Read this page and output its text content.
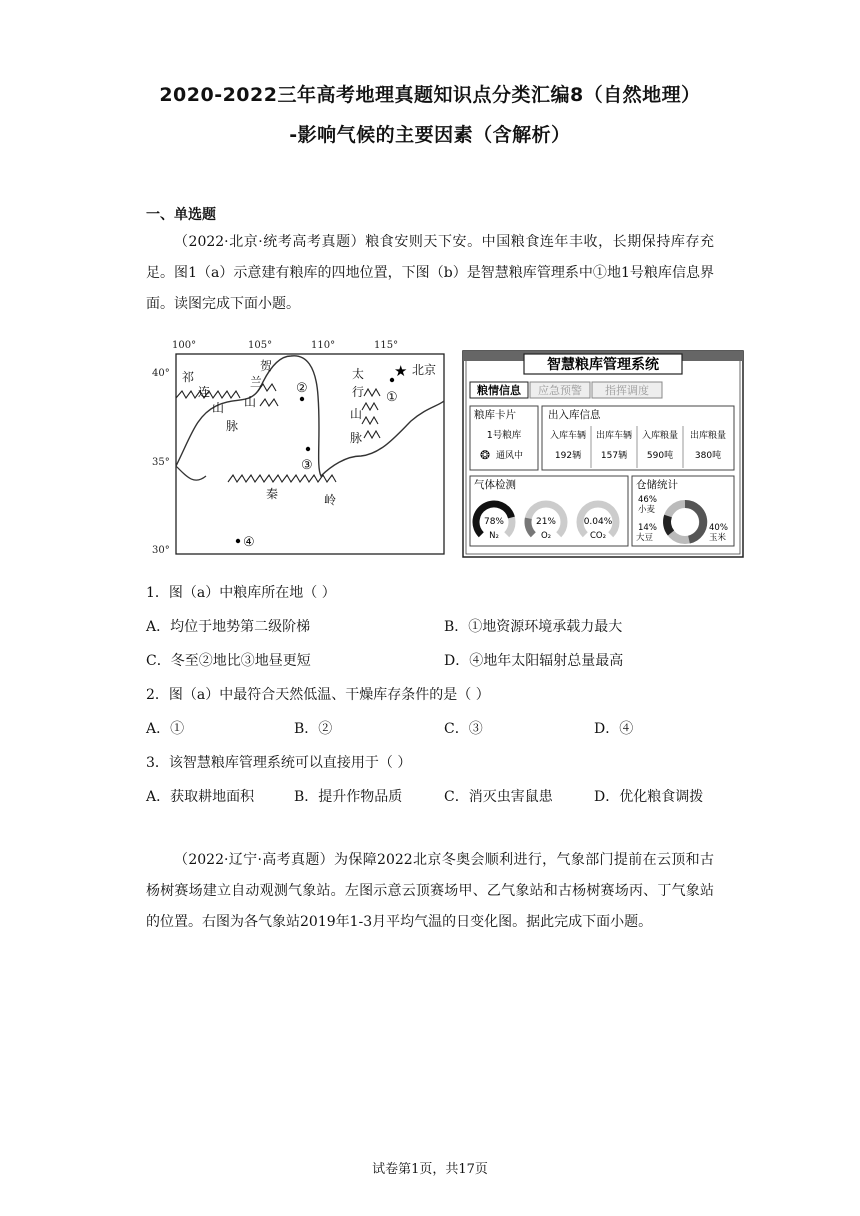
2020-2022三年高考地理真题知识点分类汇编8（自然地理）
-影响气候的主要因素（含解析）
一、单选题
（2022·北京·统考高考真题）粮食安则天下安。中国粮食连年丰收，长期保持库存充足。图1（a）示意建有粮库的四地位置，下图（b）是智慧粮库管理系中①地1号粮库信息界面。读图完成下面小题。
100°	105°	110°	115°
40°
35°
30°
祁
连
山
脉
贺
兰
山
太
行
山
脉
秦	岭
北京
★
①
②
③
④
智慧粮库管理系统
粮情信息 应急预警 指挥调度
粮库卡片
1号粮库
❂ 通风中
出入库信息
入库车辆 出库车辆 入库粮量 出库粮量
192辆 157辆 590吨 380吨
气体检测
78%
N₂
21%
O₂
0.04%
CO₂
仓储统计
46%
小麦
14%
大豆
40%
玉米
1．图（a）中粮库所在地（ ）
A．均位于地势第二级阶梯	B．①地资源环境承载力最大
C．冬至②地比③地昼更短	D．④地年太阳辐射总量最高
2．图（a）中最符合天然低温、干燥库存条件的是（ ）
A．①	B．②	C．③	D．④
3．该智慧粮库管理系统可以直接用于（ ）
A．获取耕地面积	B．提升作物品质	C．消灭虫害鼠患	D．优化粮食调拨
（2022·辽宁·高考真题）为保障2022北京冬奥会顺利进行，气象部门提前在云顶和古杨树赛场建立自动观测气象站。左图示意云顶赛场甲、乙气象站和古杨树赛场丙、丁气象站的位置。右图为各气象站2019年1-3月平均气温的日变化图。据此完成下面小题。
试卷第1页，共17页
